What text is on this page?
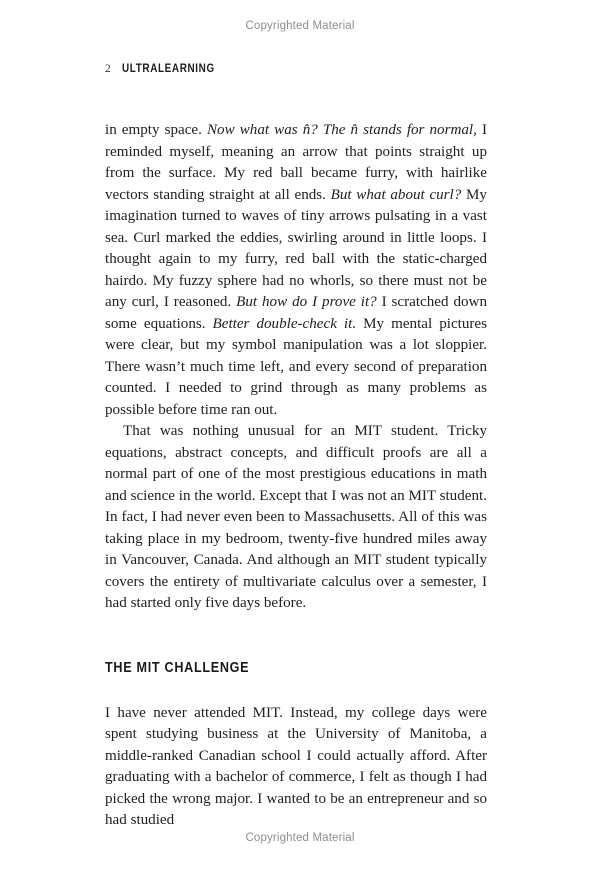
Copyrighted Material
2 ULTRALEARNING

in empty space. Now what was n̂? The n̂ stands for normal, I reminded myself, meaning an arrow that points straight up from the surface. My red ball became furry, with hairlike vectors standing straight at all ends. But what about curl? My imagination turned to waves of tiny arrows pulsating in a vast sea. Curl marked the eddies, swirling around in little loops. I thought again to my furry, red ball with the static-charged hairdo. My fuzzy sphere had no whorls, so there must not be any curl, I reasoned. But how do I prove it? I scratched down some equations. Better double-check it. My mental pictures were clear, but my symbol manipulation was a lot sloppier. There wasn’t much time left, and every second of preparation counted. I needed to grind through as many problems as possible before time ran out.

That was nothing unusual for an MIT student. Tricky equations, abstract concepts, and difficult proofs are all a normal part of one of the most prestigious educations in math and science in the world. Except that I was not an MIT student. In fact, I had never even been to Massachusetts. All of this was taking place in my bedroom, twenty-five hundred miles away in Vancouver, Canada. And although an MIT student typically covers the entirety of multivariate calculus over a semester, I had started only five days before.

THE MIT CHALLENGE

I have never attended MIT. Instead, my college days were spent studying business at the University of Manitoba, a middle-ranked Canadian school I could actually afford. After graduating with a bachelor of commerce, I felt as though I had picked the wrong major. I wanted to be an entrepreneur and so had studied

Copyrighted Material
